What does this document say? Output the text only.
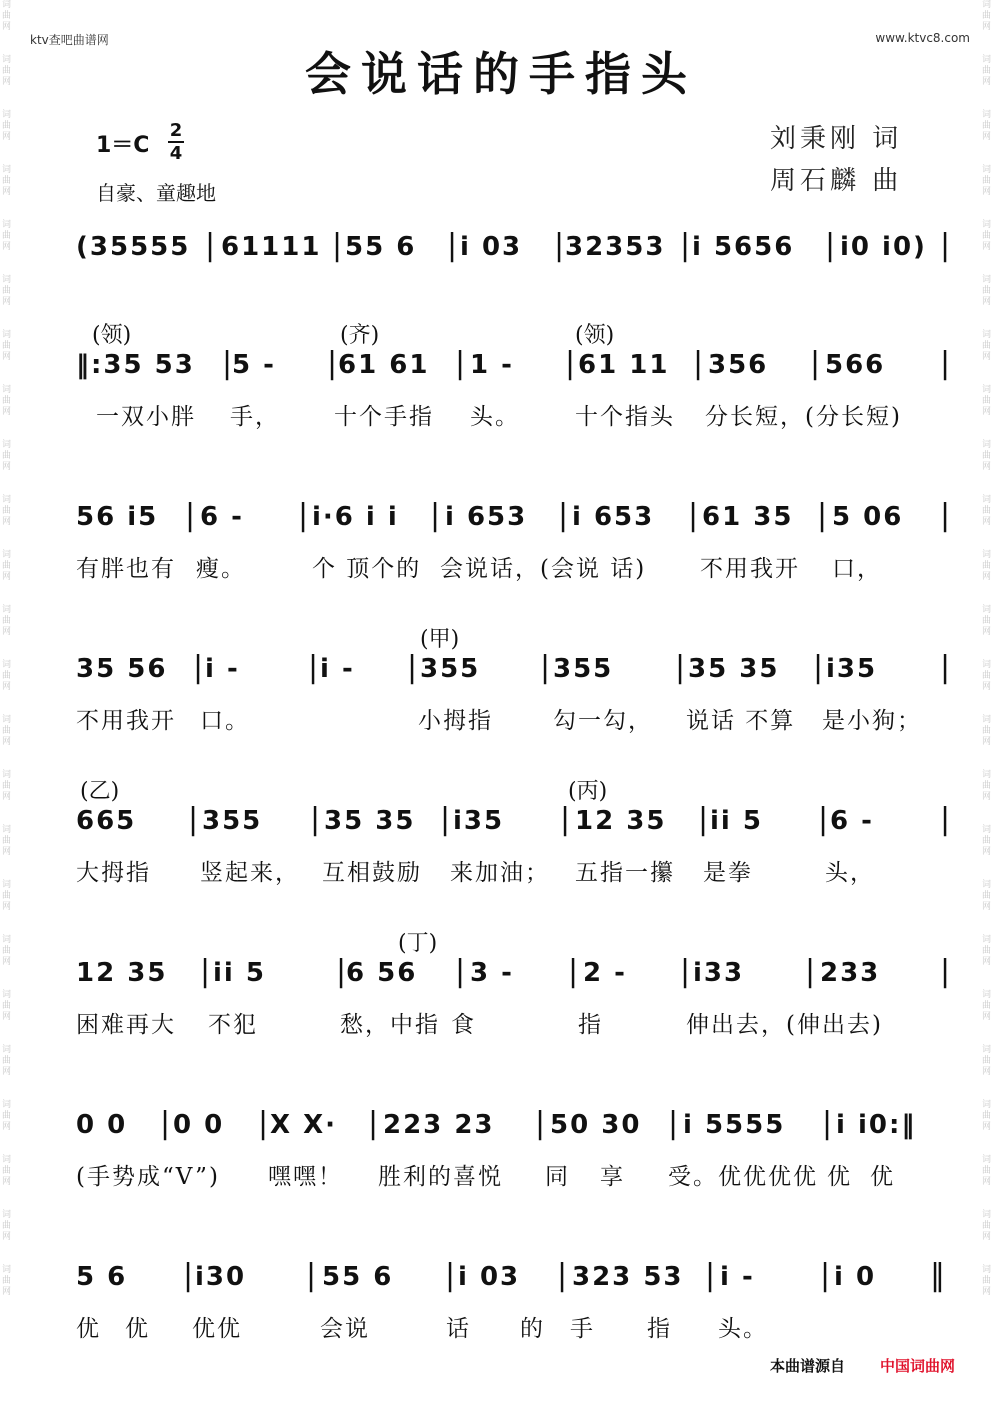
词曲网
词曲网
词曲网
词曲网
词曲网
词曲网
词曲网
词曲网
词曲网
词曲网
词曲网
词曲网
词曲网
词曲网
词曲网
词曲网
词曲网
词曲网
词曲网
词曲网
词曲网
词曲网
词曲网
词曲网
词曲网
词曲网
词曲网
词曲网
词曲网
词曲网
词曲网
词曲网
词曲网
词曲网
词曲网
词曲网
词曲网
词曲网
词曲网
词曲网
词曲网
词曲网
词曲网
词曲网
词曲网
词曲网
词曲网
词曲网
ktv查吧曲谱网	www.ktvc8.com
会说话的手指头
$1=C \frac{2}{4}$
自豪、童趣地
刘秉刚 词
周石麟 曲
(35555 | 61111 | 55 6 | i 03 |
32353 | i 5656 | i0 i0) |
(领)	(齐)	(领)
‖:35 53 |
5 - |
61 61 | 1 - | 61 11 | 356 | 566 |
一双小胖 手， 十个手指 头。 十个指头 分长短，(分长短)
56 i5 | 6 - | i·6 i i | i 653 | i 653 | 61 35 | 5 06 |
有胖也有 瘦。	个 顶个的 会说话，(会说 话) 不用我开 口，
(甲)
35 56 | i - | i - | 355 | 355 | 35 35 | i35 |
不用我开 口。	小拇指	勾一勾， 说话 不算 是小狗；
(乙)	(丙)
665 | 355 | 35 35 | i35 | 12 35 | ii 5 | 6 - |
大拇指 竖起来， 互相鼓励 来加油； 五指一攥 是拳	头，
(丁)
12 35 | ii 5 |
6 56 | 3 - | 2 - | i33 | 233 |
困难再大 不犯	愁，中指 食	指	伸出去，(伸出去)
0 0 | 0 0 | X X· | 223 23 | 50 30 | i 5555 | i i0:‖
(手势成“V”) 嘿嘿！ 胜利的喜悦 同 享 受。优优优优 优 优
5 6 | i30 | 55 6 | i 03 | 323 53 | i - | i 0 ‖
优 优 优优	会说	话 的 手 指 头。
本曲谱源自 中国词曲网
